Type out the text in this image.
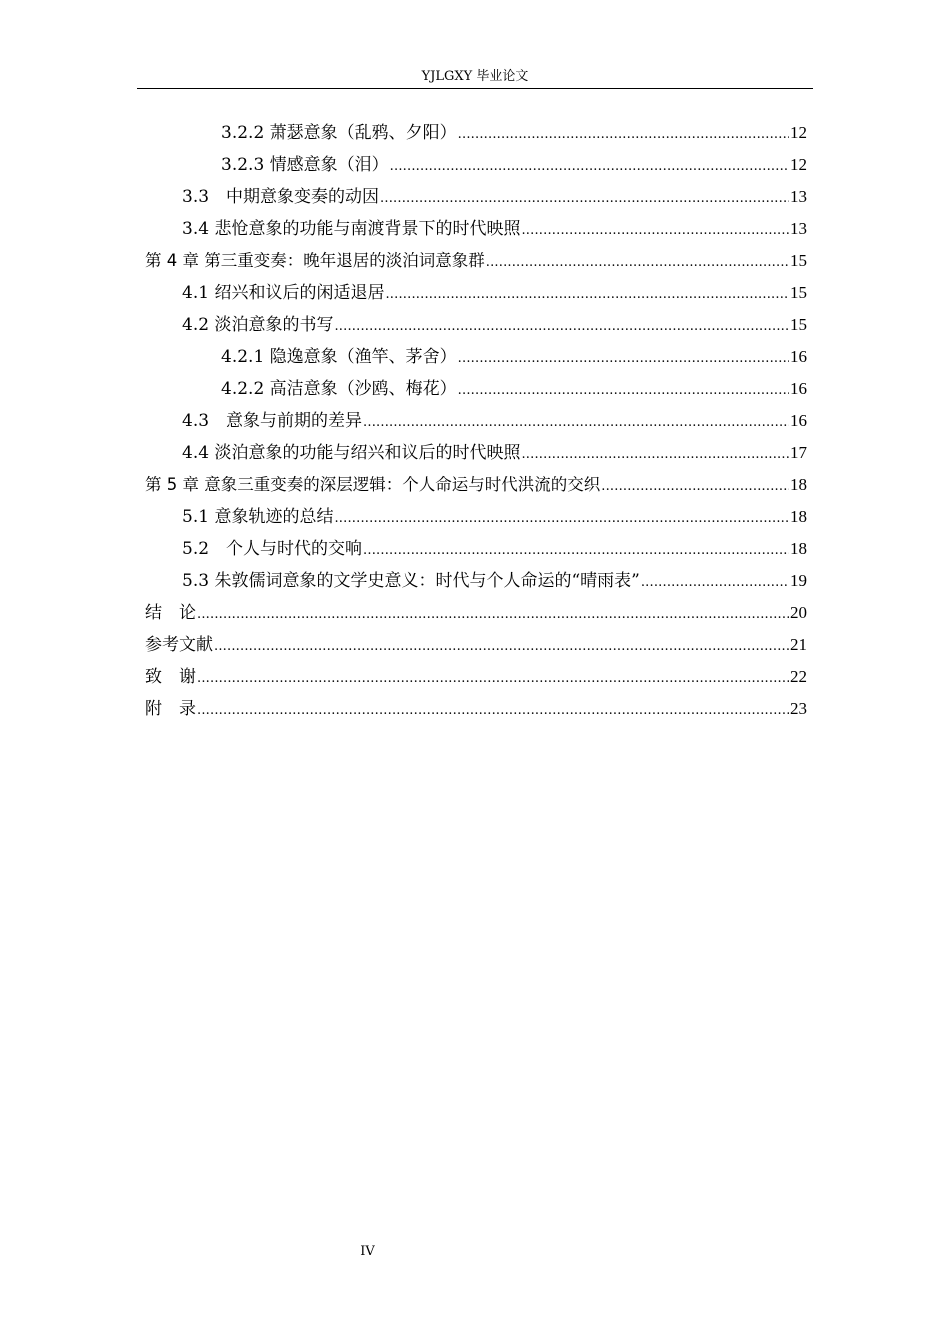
YJLGXY 毕业论文
3.2.2 萧瑟意象（乱鸦、夕阳） .....	12
3.2.3 情感意象（泪） .....	12
3.3　中期意象变奏的动因 .....	13
3.4 悲怆意象的功能与南渡背景下的时代映照 .....	13
第 4 章 第三重变奏：晚年退居的淡泊词意象群 .....	15
4.1 绍兴和议后的闲适退居 .....	15
4.2 淡泊意象的书写 .....	15
4.2.1 隐逸意象（渔竿、茅舍） .....	16
4.2.2 高洁意象（沙鸥、梅花） .....	16
4.3　意象与前期的差异 .....	16
4.4 淡泊意象的功能与绍兴和议后的时代映照 .....	17
第 5 章 意象三重变奏的深层逻辑：个人命运与时代洪流的交织 .....	18
5.1 意象轨迹的总结 .....	18
5.2　个人与时代的交响 .....	18
5.3 朱敦儒词意象的文学史意义：时代与个人命运的“晴雨表” .....	19
结　论 .....	20
参考文献 .....	21
致　谢 .....	22
附　录 .....	23
IV
